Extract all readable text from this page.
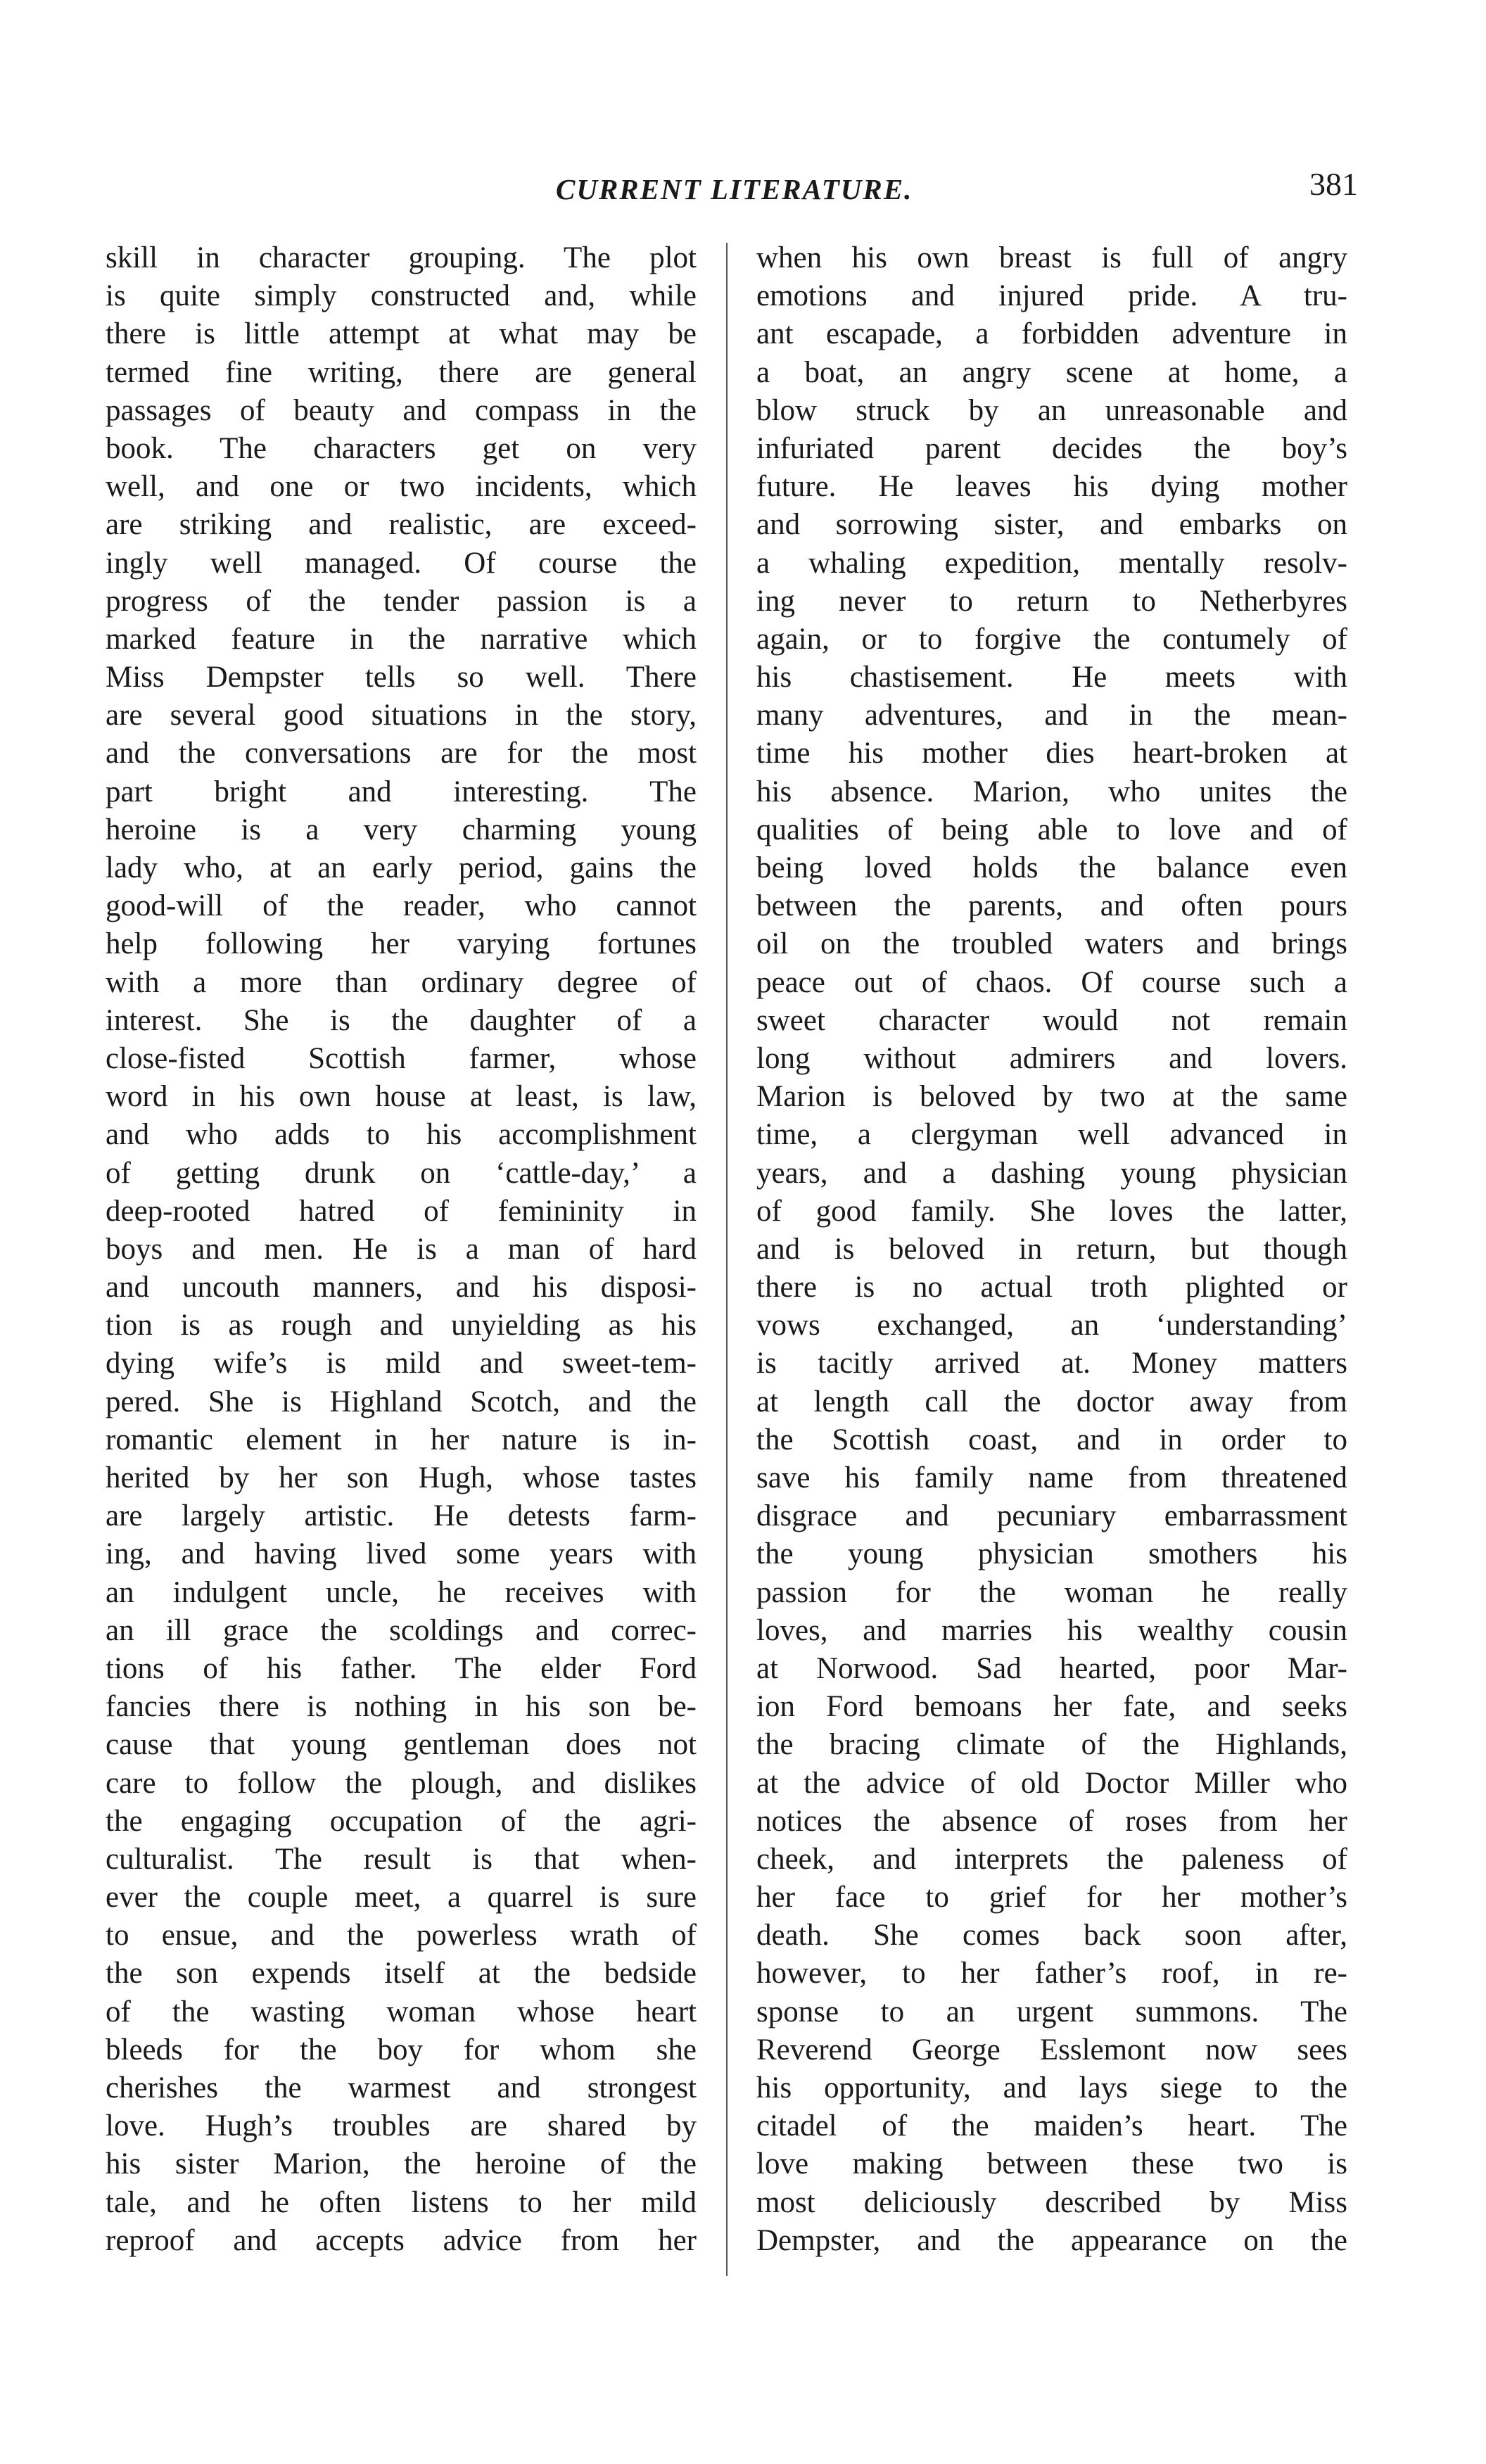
CURRENT LITERATURE.	381
skill in character grouping. The plot
is quite simply constructed and, while
there is little attempt at what may be
termed fine writing, there are general
passages of beauty and compass in the
book. The characters get on very
well, and one or two incidents, which
are striking and realistic, are exceed-
ingly well managed. Of course the
progress of the tender passion is a
marked feature in the narrative which
Miss Dempster tells so well. There
are several good situations in the story,
and the conversations are for the most
part bright and interesting. The
heroine is a very charming young
lady who, at an early period, gains the
good-will of the reader, who cannot
help following her varying fortunes
with a more than ordinary degree of
interest. She is the daughter of a
close-fisted Scottish farmer, whose
word in his own house at least, is law,
and who adds to his accomplishment
of getting drunk on ‘cattle-day,’ a
deep-rooted hatred of femininity in
boys and men. He is a man of hard
and uncouth manners, and his disposi-
tion is as rough and unyielding as his
dying wife’s is mild and sweet-tem-
pered. She is Highland Scotch, and the
romantic element in her nature is in-
herited by her son Hugh, whose tastes
are largely artistic. He detests farm-
ing, and having lived some years with
an indulgent uncle, he receives with
an ill grace the scoldings and correc-
tions of his father. The elder Ford
fancies there is nothing in his son be-
cause that young gentleman does not
care to follow the plough, and dislikes
the engaging occupation of the agri-
culturalist. The result is that when-
ever the couple meet, a quarrel is sure
to ensue, and the powerless wrath of
the son expends itself at the bedside
of the wasting woman whose heart
bleeds for the boy for whom she
cherishes the warmest and strongest
love. Hugh’s troubles are shared by
his sister Marion, the heroine of the
tale, and he often listens to her mild
reproof and accepts advice from her
when his own breast is full of angry
emotions and injured pride. A tru-
ant escapade, a forbidden adventure in
a boat, an angry scene at home, a
blow struck by an unreasonable and
infuriated parent decides the boy’s
future. He leaves his dying mother
and sorrowing sister, and embarks on
a whaling expedition, mentally resolv-
ing never to return to Netherbyres
again, or to forgive the contumely of
his chastisement. He meets with
many adventures, and in the mean-
time his mother dies heart-broken at
his absence. Marion, who unites the
qualities of being able to love and of
being loved holds the balance even
between the parents, and often pours
oil on the troubled waters and brings
peace out of chaos. Of course such a
sweet character would not remain
long without admirers and lovers.
Marion is beloved by two at the same
time, a clergyman well advanced in
years, and a dashing young physician
of good family. She loves the latter,
and is beloved in return, but though
there is no actual troth plighted or
vows exchanged, an ‘understanding’
is tacitly arrived at. Money matters
at length call the doctor away from
the Scottish coast, and in order to
save his family name from threatened
disgrace and pecuniary embarrassment
the young physician smothers his
passion for the woman he really
loves, and marries his wealthy cousin
at Norwood. Sad hearted, poor Mar-
ion Ford bemoans her fate, and seeks
the bracing climate of the Highlands,
at the advice of old Doctor Miller who
notices the absence of roses from her
cheek, and interprets the paleness of
her face to grief for her mother’s
death. She comes back soon after,
however, to her father’s roof, in re-
sponse to an urgent summons. The
Reverend George Esslemont now sees
his opportunity, and lays siege to the
citadel of the maiden’s heart. The
love making between these two is
most deliciously described by Miss
Dempster, and the appearance on the
